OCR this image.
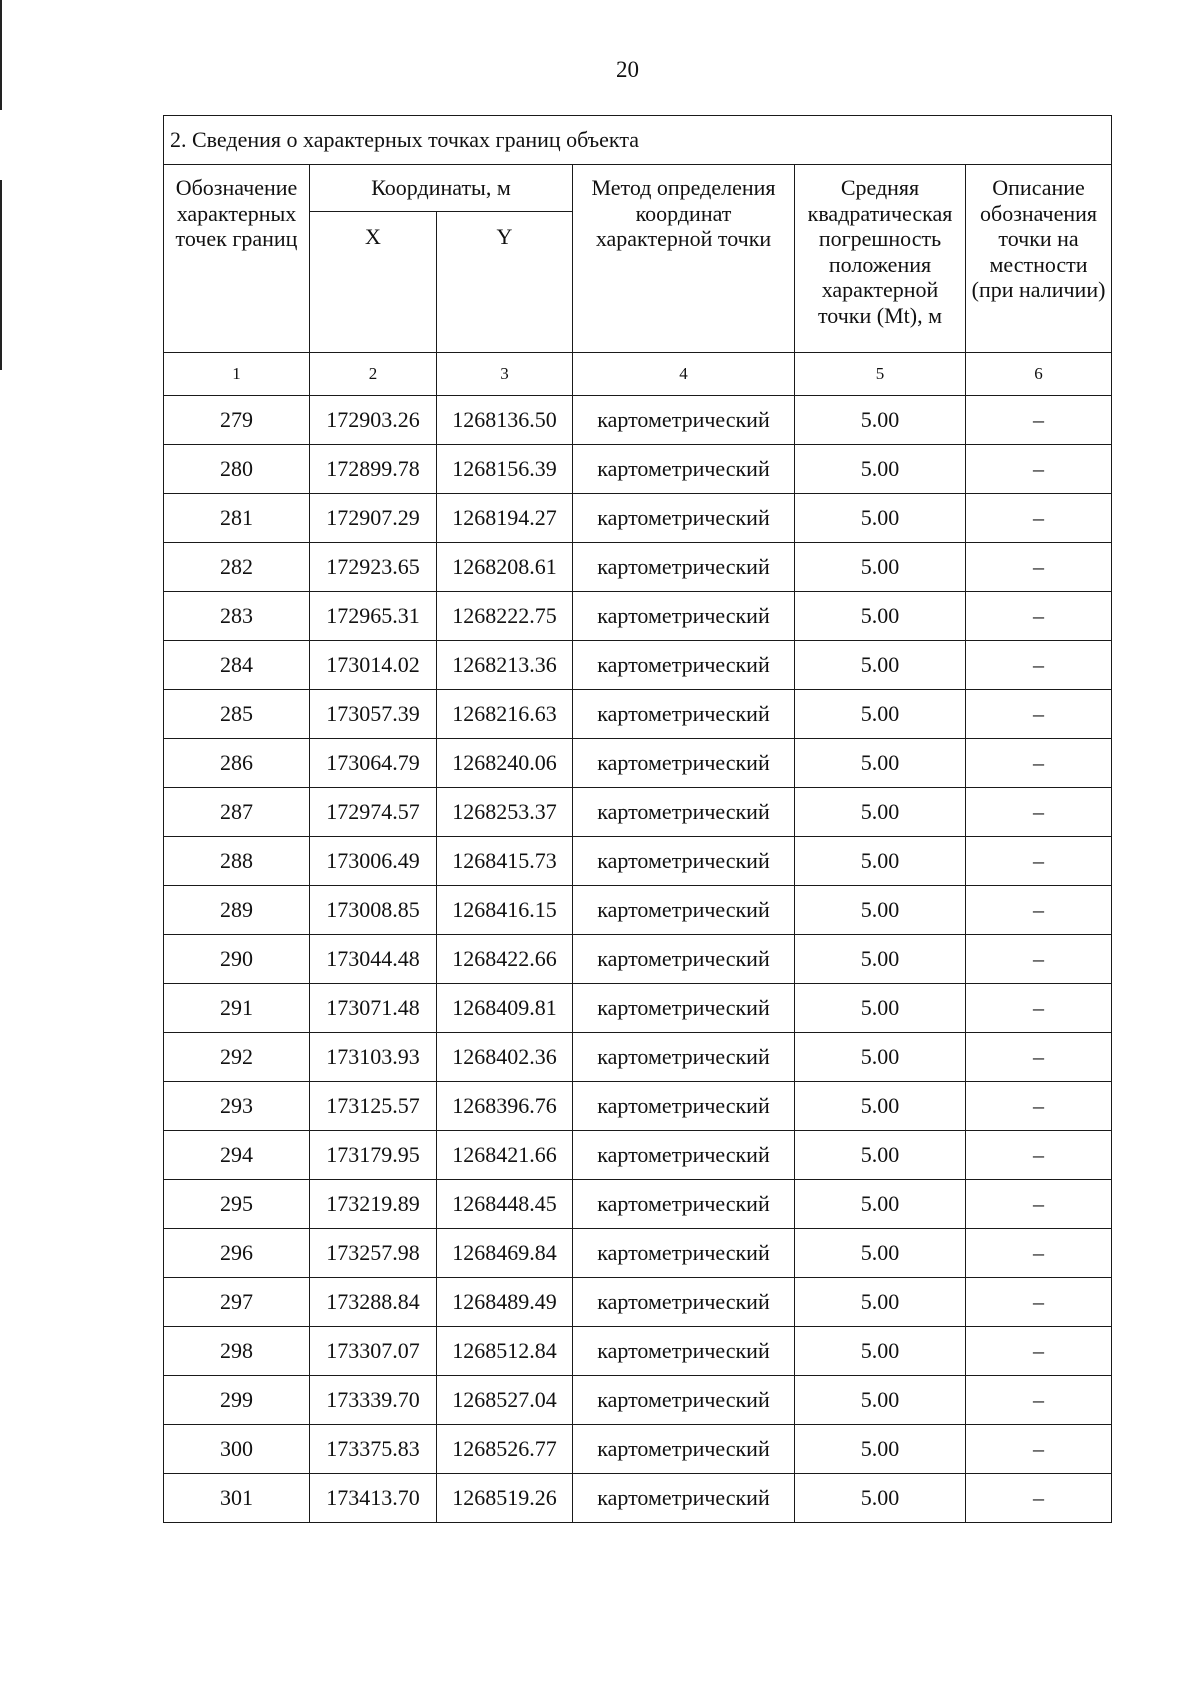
20
2. Сведения о характерных точках границ объекта					
Обозначение характерных точек границ	Координаты, м		Метод определения координат характерной точки	Средняя квадратическая погрешность положения характерной точки (Mt), м	Описание обозначения точки на местности (при наличии)
	X	Y			
1	2	3	4	5	6
279	172903.26	1268136.50	картометрический	5.00	–
280	172899.78	1268156.39	картометрический	5.00	–
281	172907.29	1268194.27	картометрический	5.00	–
282	172923.65	1268208.61	картометрический	5.00	–
283	172965.31	1268222.75	картометрический	5.00	–
284	173014.02	1268213.36	картометрический	5.00	–
285	173057.39	1268216.63	картометрический	5.00	–
286	173064.79	1268240.06	картометрический	5.00	–
287	172974.57	1268253.37	картометрический	5.00	–
288	173006.49	1268415.73	картометрический	5.00	–
289	173008.85	1268416.15	картометрический	5.00	–
290	173044.48	1268422.66	картометрический	5.00	–
291	173071.48	1268409.81	картометрический	5.00	–
292	173103.93	1268402.36	картометрический	5.00	–
293	173125.57	1268396.76	картометрический	5.00	–
294	173179.95	1268421.66	картометрический	5.00	–
295	173219.89	1268448.45	картометрический	5.00	–
296	173257.98	1268469.84	картометрический	5.00	–
297	173288.84	1268489.49	картометрический	5.00	–
298	173307.07	1268512.84	картометрический	5.00	–
299	173339.70	1268527.04	картометрический	5.00	–
300	173375.83	1268526.77	картометрический	5.00	–
301	173413.70	1268519.26	картометрический	5.00	–
